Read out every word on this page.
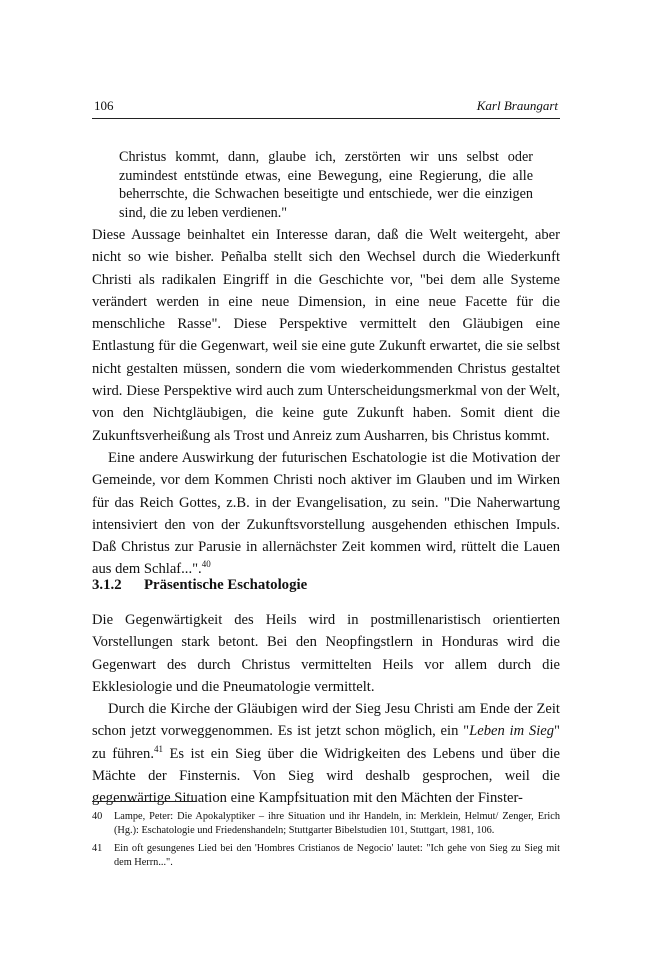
106	Karl Braungart
Christus kommt, dann, glaube ich, zerstörten wir uns selbst oder zumindest entstünde etwas, eine Bewegung, eine Regierung, die alle beherrschte, die Schwachen beseitigte und entschiede, wer die einzigen sind, die zu leben verdienen."

Diese Aussage beinhaltet ein Interesse daran, daß die Welt weitergeht, aber nicht so wie bisher. Peñalba stellt sich den Wechsel durch die Wiederkunft Christi als radikalen Eingriff in die Geschichte vor, "bei dem alle Systeme verändert werden in eine neue Dimension, in eine neue Facette für die menschliche Rasse". Diese Perspektive vermittelt den Gläubigen eine Entlastung für die Gegenwart, weil sie eine gute Zukunft erwartet, die sie selbst nicht gestalten müssen, sondern die vom wiederkommenden Christus gestaltet wird. Diese Perspektive wird auch zum Unterscheidungsmerkmal von der Welt, von den Nichtgläubigen, die keine gute Zukunft haben. Somit dient die Zukunftsverheißung als Trost und Anreiz zum Ausharren, bis Christus kommt.

Eine andere Auswirkung der futurischen Eschatologie ist die Motivation der Gemeinde, vor dem Kommen Christi noch aktiver im Glauben und im Wirken für das Reich Gottes, z.B. in der Evangelisation, zu sein. "Die Naherwartung intensiviert den von der Zukunftsvorstellung ausgehenden ethischen Impuls. Daß Christus zur Parusie in allernächster Zeit kommen wird, rüttelt die Lauen aus dem Schlaf...".$^{40}$

3.1.2 Präsentische Eschatologie

Die Gegenwärtigkeit des Heils wird in postmillenaristisch orientierten Vorstellungen stark betont. Bei den Neopfingstlern in Honduras wird die Gegenwart des durch Christus vermittelten Heils vor allem durch die Ekklesiologie und die Pneumatologie vermittelt.

Durch die Kirche der Gläubigen wird der Sieg Jesu Christi am Ende der Zeit schon jetzt vorweggenommen. Es ist jetzt schon möglich, ein "Leben im Sieg" zu führen.$^{41}$ Es ist ein Sieg über die Widrigkeiten des Lebens und über die Mächte der Finsternis. Von Sieg wird deshalb gesprochen, weil die gegenwärtige Situation eine Kampfsituation mit den Mächten der Finster-

40 Lampe, Peter: Die Apokalyptiker – ihre Situation und ihr Handeln, in: Merklein, Helmut/ Zenger, Erich (Hg.): Eschatologie und Friedenshandeln; Stuttgarter Bibelstudien 101, Stuttgart, 1981, 106.
41 Ein oft gesungenes Lied bei den 'Hombres Cristianos de Negocio' lautet: "Ich gehe von Sieg zu Sieg mit dem Herrn...".
